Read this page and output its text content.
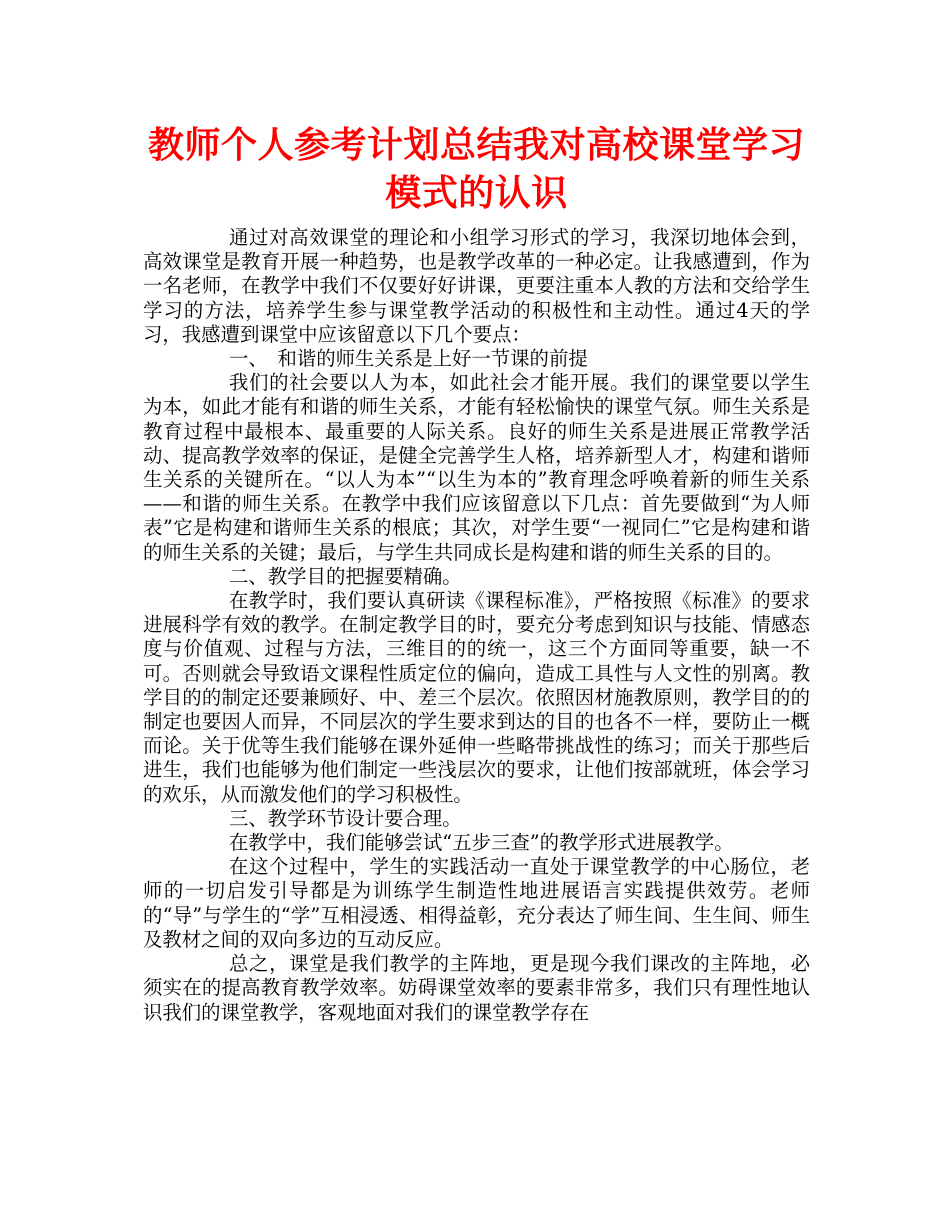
教师个人参考计划总结我对高校课堂学习模式的认识

通过对高效课堂的理论和小组学习形式的学习，我深切地体会到，高效课堂是教育开展一种趋势，也是教学改革的一种必定。让我感遭到，作为一名老师，在教学中我们不仅要好好讲课，更要注重本人教的方法和交给学生学习的方法，培养学生参与课堂教学活动的积极性和主动性。通过4天的学习，我感遭到课堂中应该留意以下几个要点：

一、　和谐的师生关系是上好一节课的前提

我们的社会要以人为本，如此社会才能开展。我们的课堂要以学生为本，如此才能有和谐的师生关系，才能有轻松愉快的课堂气氛。师生关系是教育过程中最根本、最重要的人际关系。良好的师生关系是进展正常教学活动、提高教学效率的保证，是健全完善学生人格，培养新型人才，构建和谐师生关系的关键所在。“以人为本”“以生为本的”教育理念呼唤着新的师生关系——和谐的师生关系。在教学中我们应该留意以下几点：首先要做到“为人师表”它是构建和谐师生关系的根底；其次，对学生要“一视同仁”它是构建和谐的师生关系的关键；最后，与学生共同成长是构建和谐的师生关系的目的。

二、教学目的把握要精确。

在教学时，我们要认真研读《课程标准》，严格按照《标准》的要求进展科学有效的教学。在制定教学目的时，要充分考虑到知识与技能、情感态度与价值观、过程与方法，三维目的的统一，这三个方面同等重要，缺一不可。否则就会导致语文课程性质定位的偏向，造成工具性与人文性的别离。教学目的的制定还要兼顾好、中、差三个层次。依照因材施教原则，教学目的的制定也要因人而异，不同层次的学生要求到达的目的也各不一样，要防止一概而论。关于优等生我们能够在课外延伸一些略带挑战性的练习；而关于那些后进生，我们也能够为他们制定一些浅层次的要求，让他们按部就班，体会学习的欢乐，从而激发他们的学习积极性。

三、教学环节设计要合理。

在教学中，我们能够尝试“五步三查”的教学形式进展教学。

在这个过程中，学生的实践活动一直处于课堂教学的中心肠位，老师的一切启发引导都是为训练学生制造性地进展语言实践提供效劳。老师的“导”与学生的“学”互相浸透、相得益彰，充分表达了师生间、生生间、师生及教材之间的双向多边的互动反应。

总之，课堂是我们教学的主阵地，更是现今我们课改的主阵地，必须实在的提高教育教学效率。妨碍课堂效率的要素非常多，我们只有理性地认识我们的课堂教学，客观地面对我们的课堂教学存在
